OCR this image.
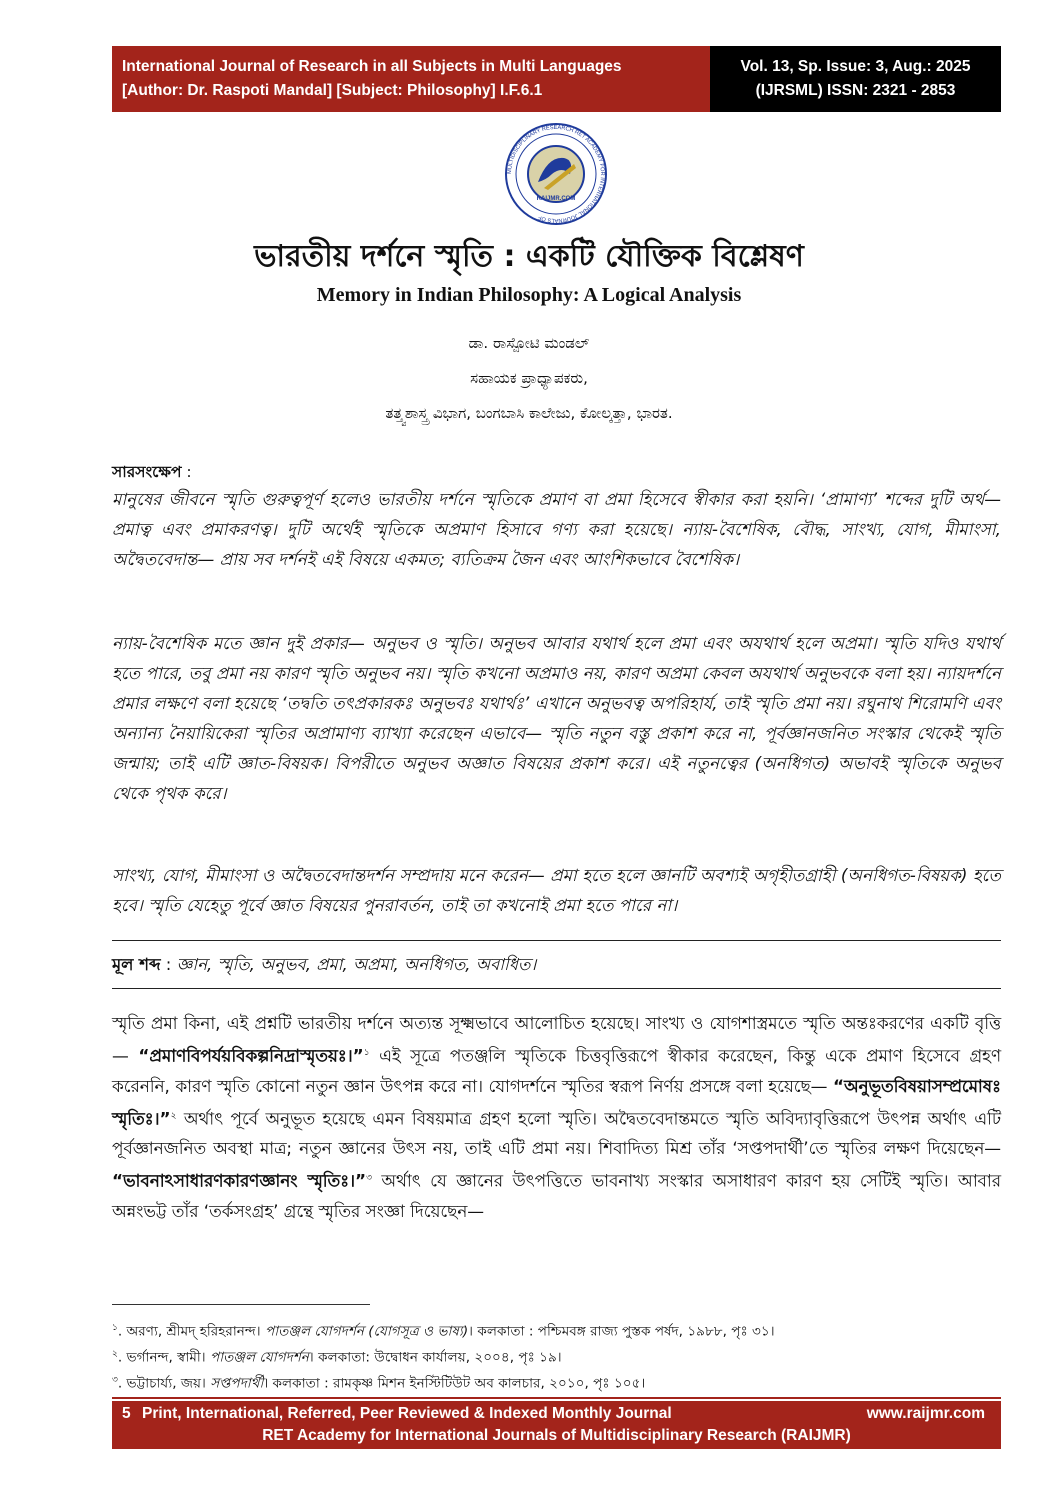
International Journal of Research in all Subjects in Multi Languages
[Author: Dr. Raspoti Mandal] [Subject: Philosophy] I.F.6.1
Vol. 13, Sp. Issue: 3, Aug.: 2025
(IJRSML) ISSN: 2321 - 2853
RAIJMR.COM
MULTIDISCIPLINARY RESEARCH RET ACADEMY FOR INTERNATIONAL JOURNALS OF
ভারতীয় দর্শনে স্মৃতি : একটি যৌক্তিক বিশ্লেষণ
Memory in Indian Philosophy: A Logical Analysis
ಡಾ. ರಾಸ್ಪೋಟಿ ಮಂಡಲ್
ಸಹಾಯಕ ಪ್ರಾಧ್ಯಾಪಕರು,
ತತ್ತ್ವಶಾಸ್ತ್ರ ವಿಭಾಗ, ಬಂಗಬಾಸಿ ಕಾಲೇಜು, ಕೋಲ್ಕತ್ತಾ, ಭಾರತ.
সারসংক্ষেপ :

মানুষের জীবনে স্মৃতি গুরুত্বপূর্ণ হলেও ভারতীয় দর্শনে স্মৃতিকে প্রমাণ বা প্রমা হিসেবে স্বীকার করা হয়নি। ‘প্রামাণ্য’ শব্দের দুটি অর্থ— প্রমাত্ব এবং প্রমাকরণত্ব। দুটি অর্থেই স্মৃতিকে অপ্রমাণ হিসাবে গণ্য করা হয়েছে। ন্যায়-বৈশেষিক, বৌদ্ধ, সাংখ্য, যোগ, মীমাংসা, অদ্বৈতবেদান্ত— প্রায় সব দর্শনই এই বিষয়ে একমত; ব্যতিক্রম জৈন এবং আংশিকভাবে বৈশেষিক।

ন্যায়-বৈশেষিক মতে জ্ঞান দুই প্রকার— অনুভব ও স্মৃতি। অনুভব আবার যথার্থ হলে প্রমা এবং অযথার্থ হলে অপ্রমা। স্মৃতি যদিও যথার্থ হতে পারে, তবু প্রমা নয় কারণ স্মৃতি অনুভব নয়। স্মৃতি কখনো অপ্রমাও নয়, কারণ অপ্রমা কেবল অযথার্থ অনুভবকে বলা হয়। ন্যায়দর্শনে প্রমার লক্ষণে বলা হয়েছে ‘তদ্বতি তৎপ্রকারকঃ অনুভবঃ যথার্থঃ’ এখানে অনুভবত্ব অপরিহার্য, তাই স্মৃতি প্রমা নয়। রঘুনাথ শিরোমণি এবং অন্যান্য নৈয়ায়িকেরা স্মৃতির অপ্রামাণ্য ব্যাখ্যা করেছেন এভাবে— স্মৃতি নতুন বস্তু প্রকাশ করে না, পূর্বজ্ঞানজনিত সংস্কার থেকেই স্মৃতি জন্মায়; তাই এটি জ্ঞাত-বিষয়ক। বিপরীতে অনুভব অজ্ঞাত বিষয়ের প্রকাশ করে। এই নতুনত্বের (অনধিগত) অভাবই স্মৃতিকে অনুভব থেকে পৃথক করে।

সাংখ্য, যোগ, মীমাংসা ও অদ্বৈতবেদান্তদর্শন সম্প্রদায় মনে করেন— প্রমা হতে হলে জ্ঞানটি অবশ্যই অগৃহীতগ্রাহী (অনধিগত-বিষয়ক) হতে হবে। স্মৃতি যেহেতু পূর্বে জ্ঞাত বিষয়ের পুনরাবর্তন, তাই তা কখনোই প্রমা হতে পারে না।

মূল শব্দ : জ্ঞান, স্মৃতি, অনুভব, প্রমা, অপ্রমা, অনধিগত, অবাধিত।

স্মৃতি প্রমা কিনা, এই প্রশ্নটি ভারতীয় দর্শনে অত্যন্ত সূক্ষ্মভাবে আলোচিত হয়েছে। সাংখ্য ও যোগশাস্ত্রমতে স্মৃতি অন্তঃকরণের একটি বৃত্তি— “প্রমাণবিপর্যয়বিকল্পনিদ্রাস্মৃতয়ঃ।”$^১$ এই সূত্রে পতঞ্জলি স্মৃতিকে চিত্তবৃত্তিরূপে স্বীকার করেছেন, কিন্তু একে প্রমাণ হিসেবে গ্রহণ করেননি, কারণ স্মৃতি কোনো নতুন জ্ঞান উৎপন্ন করে না। যোগদর্শনে স্মৃতির স্বরূপ নির্ণয় প্রসঙ্গে বলা হয়েছে— “অনুভূতবিষয়াসম্প্রমোষঃ স্মৃতিঃ।”$^২$ অর্থাৎ পূর্বে অনুভূত হয়েছে এমন বিষয়মাত্র গ্রহণ হলো স্মৃতি। অদ্বৈতবেদান্তমতে স্মৃতি অবিদ্যাবৃত্তিরূপে উৎপন্ন অর্থাৎ এটি পূর্বজ্ঞানজনিত অবস্থা মাত্র; নতুন জ্ঞানের উৎস নয়, তাই এটি প্রমা নয়। শিবাদিত্য মিশ্র তাঁর ‘সপ্তপদার্থী’তে স্মৃতির লক্ষণ দিয়েছেন— “ভাবনাঽসাধারণকারণজ্ঞানং স্মৃতিঃ।”$^৩$ অর্থাৎ যে জ্ঞানের উৎপত্তিতে ভাবনাখ্য সংস্কার অসাধারণ কারণ হয় সেটিই স্মৃতি। আবার অন্নংভট্ট তাঁর ‘তর্কসংগ্রহ’ গ্রন্থে স্মৃতির সংজ্ঞা দিয়েছেন—

$^১$. অরণ্য, শ্রীমদ্ হরিহরানন্দ। পাতঞ্জল যোগদর্শন (যোগসূত্র ও ভাষ্য)। কলকাতা : পশ্চিমবঙ্গ রাজ্য পুস্তক পর্ষদ, ১৯৮৮, পৃঃ ৩১।
$^২$. ভর্গানন্দ, স্বামী। পাতঞ্জল যোগদর্শন। কলকাতা: উদ্বোধন কার্যালয়, ২০০৪, পৃঃ ১৯।
$^৩$. ভট্টাচার্য্য, জয়। সপ্তপদার্থী। কলকাতা : রামকৃষ্ণ মিশন ইনস্টিটিউট অব কালচার, ২০১০, পৃঃ ১০৫।
5 Print, International, Referred, Peer Reviewed & Indexed Monthly Journal	www.raijmr.com
RET Academy for International Journals of Multidisciplinary Research (RAIJMR)
